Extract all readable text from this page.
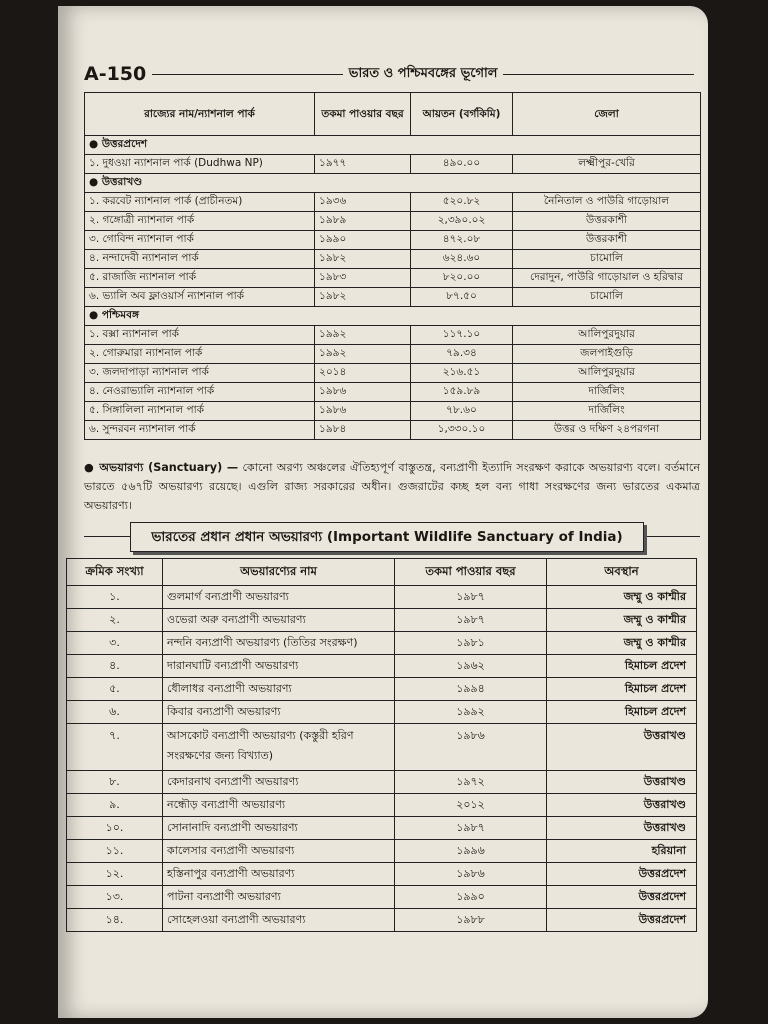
A-150	ভারত ও পশ্চিমবঙ্গের ভূগোল
রাজ্যের নাম/ন্যাশনাল পার্ক	তকমা পাওয়ার বছর	আয়তন (বর্গকিমি)	জেলা
● উত্তরপ্রদেশ			
১. দুধওয়া ন্যাশনাল পার্ক (Dudhwa NP)	১৯৭৭	৪৯০.০০	লক্ষ্মীপুর-খেরি
● উত্তরাখণ্ড			
১. করবেট ন্যাশনাল পার্ক (প্রাচীনতম)	১৯৩৬	৫২০.৮২	নৈনিতাল ও পাউরি গাড়োয়াল
২. গঙ্গোত্রী ন্যাশনাল পার্ক	১৯৮৯	২,৩৯০.০২	উত্তরকাশী
৩. গোবিন্দ ন্যাশনাল পার্ক	১৯৯০	৪৭২.০৮	উত্তরকাশী
৪. নন্দাদেবী ন্যাশনাল পার্ক	১৯৮২	৬২৪.৬০	চামোলি
৫. রাজাজি ন্যাশনাল পার্ক	১৯৮৩	৮২০.০০	দেরাদুন, পাউরি গাড়োয়াল ও হরিদ্বার
৬. ভ্যালি অব ফ্লাওয়ার্স ন্যাশনাল পার্ক	১৯৮২	৮৭.৫০	চামোলি
● পশ্চিমবঙ্গ			
১. বক্সা ন্যাশনাল পার্ক	১৯৯২	১১৭.১০	আলিপুরদুয়ার
২. গোরুমারা ন্যাশনাল পার্ক	১৯৯২	৭৯.৩৪	জলপাইগুড়ি
৩. জলদাপাড়া ন্যাশনাল পার্ক	২০১৪	২১৬.৫১	আলিপুরদুয়ার
৪. নেওরাভ্যালি ন্যাশনাল পার্ক	১৯৮৬	১৫৯.৮৯	দার্জিলিং
৫. সিঙ্গালিলা ন্যাশনাল পার্ক	১৯৮৬	৭৮.৬০	দার্জিলিং
৬. সুন্দরবন ন্যাশনাল পার্ক	১৯৮৪	১,৩৩০.১০	উত্তর ও দক্ষিণ ২৪পরগনা
● অভয়ারণ্য (Sanctuary) — কোনো অরণ্য অঞ্চলের ঐতিহ্যপূর্ণ বাস্তুতন্ত্র, বন্যপ্রাণী ইত্যাদি সংরক্ষণ করাকে অভয়ারণ্য বলে। বর্তমানে ভারতে ৫৬৭টি অভয়ারণ্য রয়েছে। এগুলি রাজ্য সরকারের অধীন। গুজরাটের কচ্ছ হল বন্য গাধা সংরক্ষণের জন্য ভারতের একমাত্র অভয়ারণ্য।
ভারতের প্রধান প্রধান অভয়ারণ্য (Important Wildlife Sanctuary of India)
ক্রমিক সংখ্যা	অভয়ারণ্যের নাম	তকমা পাওয়ার বছর	অবস্থান
১.	গুলমার্গ বন্যপ্রাণী অভয়ারণ্য	১৯৮৭	জম্মু ও কাশ্মীর
২.	ওভেরা অরু বন্যপ্রাণী অভয়ারণ্য	১৯৮৭	জম্মু ও কাশ্মীর
৩.	নন্দনি বন্যপ্রাণী অভয়ারণ্য (তিতির সংরক্ষণ)	১৯৮১	জম্মু ও কাশ্মীর
৪.	দারানঘাটি বন্যপ্রাণী অভয়ারণ্য	১৯৬২	হিমাচল প্রদেশ
৫.	ধৌলাধর বন্যপ্রাণী অভয়ারণ্য	১৯৯৪	হিমাচল প্রদেশ
৬.	কিবার বন্যপ্রাণী অভয়ারণ্য	১৯৯২	হিমাচল প্রদেশ
৭.	আসকোট বন্যপ্রাণী অভয়ারণ্য (কস্তুরী হরিণ সংরক্ষণের জন্য বিখ্যাত)	১৯৮৬	উত্তরাখণ্ড
৮.	কেদারনাথ বন্যপ্রাণী অভয়ারণ্য	১৯৭২	উত্তরাখণ্ড
৯.	নন্ধৌড় বন্যপ্রাণী অভয়ারণ্য	২০১২	উত্তরাখণ্ড
১০.	সোনানাদি বন্যপ্রাণী অভয়ারণ্য	১৯৮৭	উত্তরাখণ্ড
১১.	কালেসার বন্যপ্রাণী অভয়ারণ্য	১৯৯৬	হরিয়ানা
১২.	হস্তিনাপুর বন্যপ্রাণী অভয়ারণ্য	১৯৮৬	উত্তরপ্রদেশ
১৩.	পাটনা বন্যপ্রাণী অভয়ারণ্য	১৯৯০	উত্তরপ্রদেশ
১৪.	সোহেলওয়া বন্যপ্রাণী অভয়ারণ্য	১৯৮৮	উত্তরপ্রদেশ
